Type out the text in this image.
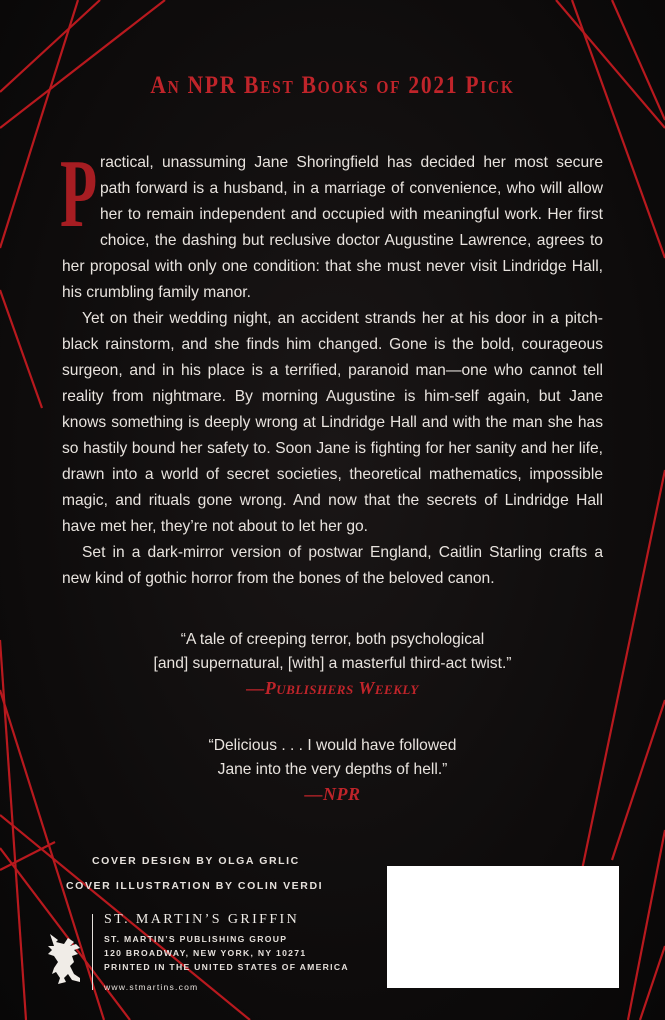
An NPR Best Books of 2021 Pick

Practical, unassuming Jane Shoringfield has decided her most secure path forward is a husband, in a marriage of convenience, who will allow her to remain independent and occupied with meaningful work. Her first choice, the dashing but reclusive doctor Augustine Lawrence, agrees to her proposal with only one condition: that she must never visit Lindridge Hall, his crumbling family manor.

Yet on their wedding night, an accident strands her at his door in a pitch-black rainstorm, and she finds him changed. Gone is the bold, courageous surgeon, and in his place is a terrified, paranoid man—one who cannot tell reality from nightmare. By morning Augustine is him-self again, but Jane knows something is deeply wrong at Lindridge Hall and with the man she has so hastily bound her safety to. Soon Jane is fighting for her sanity and her life, drawn into a world of secret societies, theoretical mathematics, impossible magic, and rituals gone wrong. And now that the secrets of Lindridge Hall have met her, they’re not about to let her go.

Set in a dark-mirror version of postwar England, Caitlin Starling crafts a new kind of gothic horror from the bones of the beloved canon.

“A tale of creeping terror, both psychological
[and] supernatural, [with] a masterful third-act twist.”
—Publishers Weekly
“Delicious . . . I would have followed
Jane into the very depths of hell.”
—NPR
COVER DESIGN BY OLGA GRLIC
COVER ILLUSTRATION BY COLIN VERDI
ST. MARTIN’S GRIFFIN
ST. MARTIN’S PUBLISHING GROUP
120 BROADWAY, NEW YORK, NY 10271
PRINTED IN THE UNITED STATES OF AMERICA
www.stmartins.com
